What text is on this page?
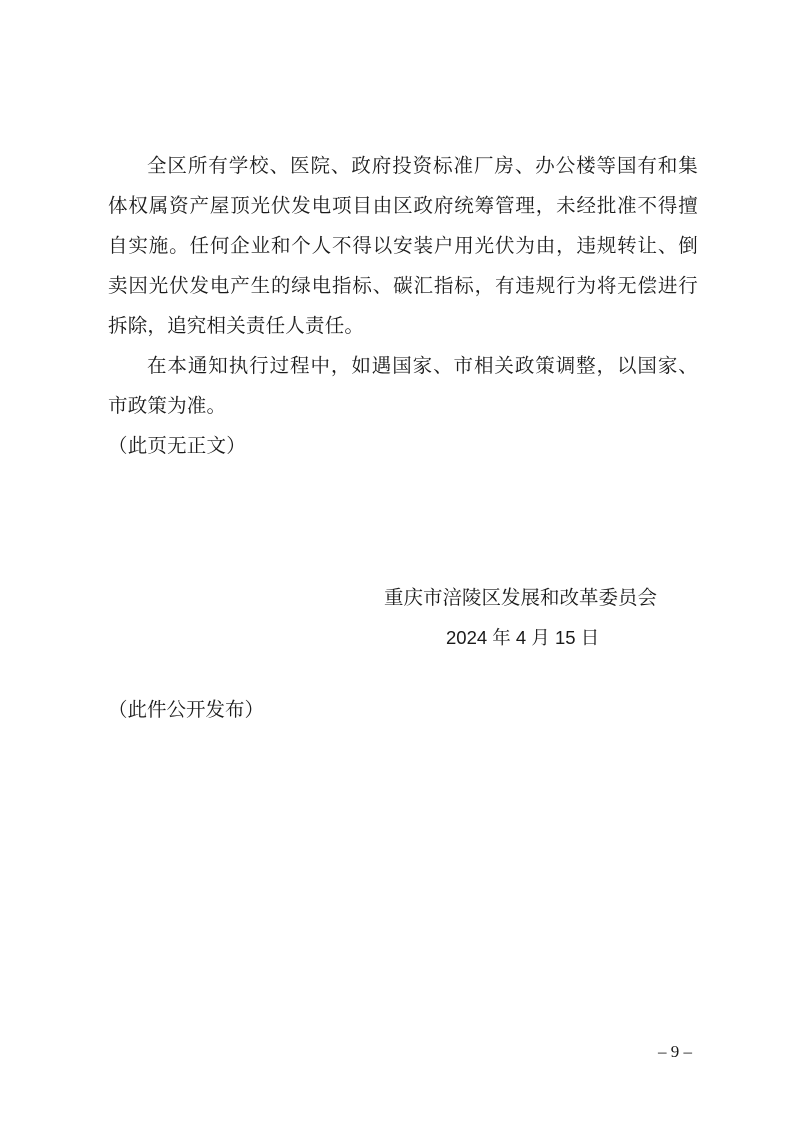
全区所有学校、医院、政府投资标准厂房、办公楼等国有和集体权属资产屋顶光伏发电项目由区政府统筹管理，未经批准不得擅自实施。任何企业和个人不得以安装户用光伏为由，违规转让、倒卖因光伏发电产生的绿电指标、碳汇指标，有违规行为将无偿进行拆除，追究相关责任人责任。

在本通知执行过程中，如遇国家、市相关政策调整，以国家、市政策为准。

（此页无正文）

重庆市涪陵区发展和改革委员会
2024 年 4 月 15 日
（此件公开发布）
– 9 –
